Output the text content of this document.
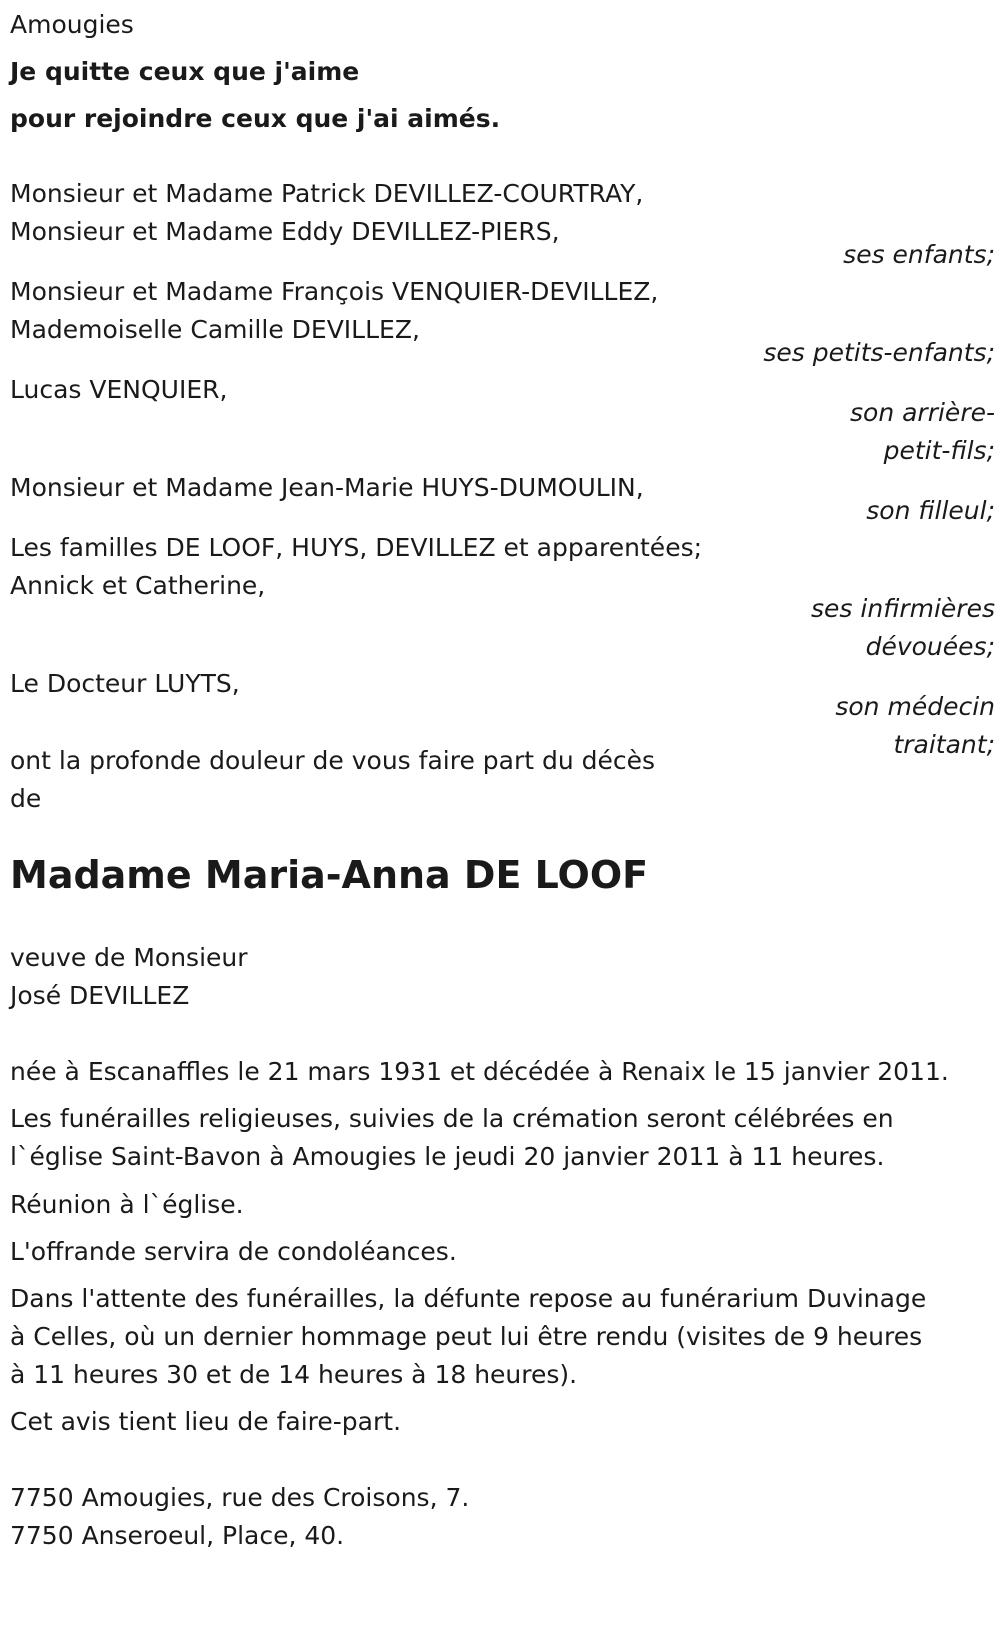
Amougies
Je quitte ceux que j'aime
pour rejoindre ceux que j'ai aimés.
Monsieur et Madame Patrick DEVILLEZ-COURTRAY,
Monsieur et Madame Eddy DEVILLEZ-PIERS,
ses enfants;
Monsieur et Madame François VENQUIER-DEVILLEZ,
Mademoiselle Camille DEVILLEZ,
ses petits-enfants;
Lucas VENQUIER,
son arrière-
petit-fils;
Monsieur et Madame Jean-Marie HUYS-DUMOULIN,
son filleul;
Les familles DE LOOF, HUYS, DEVILLEZ et apparentées;
Annick et Catherine,
ses infirmières
dévouées;
Le Docteur LUYTS,
son médecin
traitant;
ont la profonde douleur de vous faire part du décès
de
Madame Maria-Anna DE LOOF
veuve de Monsieur
José DEVILLEZ
née à Escanaffles le 21 mars 1931 et décédée à Renaix le 15 janvier 2011.
Les funérailles religieuses, suivies de la crémation seront célébrées en
l`église Saint-Bavon à Amougies le jeudi 20 janvier 2011 à 11 heures.
Réunion à l`église.
L'offrande servira de condoléances.
Dans l'attente des funérailles, la défunte repose au funérarium Duvinage
à Celles, où un dernier hommage peut lui être rendu (visites de 9 heures
à 11 heures 30 et de 14 heures à 18 heures).
Cet avis tient lieu de faire-part.
7750 Amougies, rue des Croisons, 7.
7750 Anseroeul, Place, 40.
